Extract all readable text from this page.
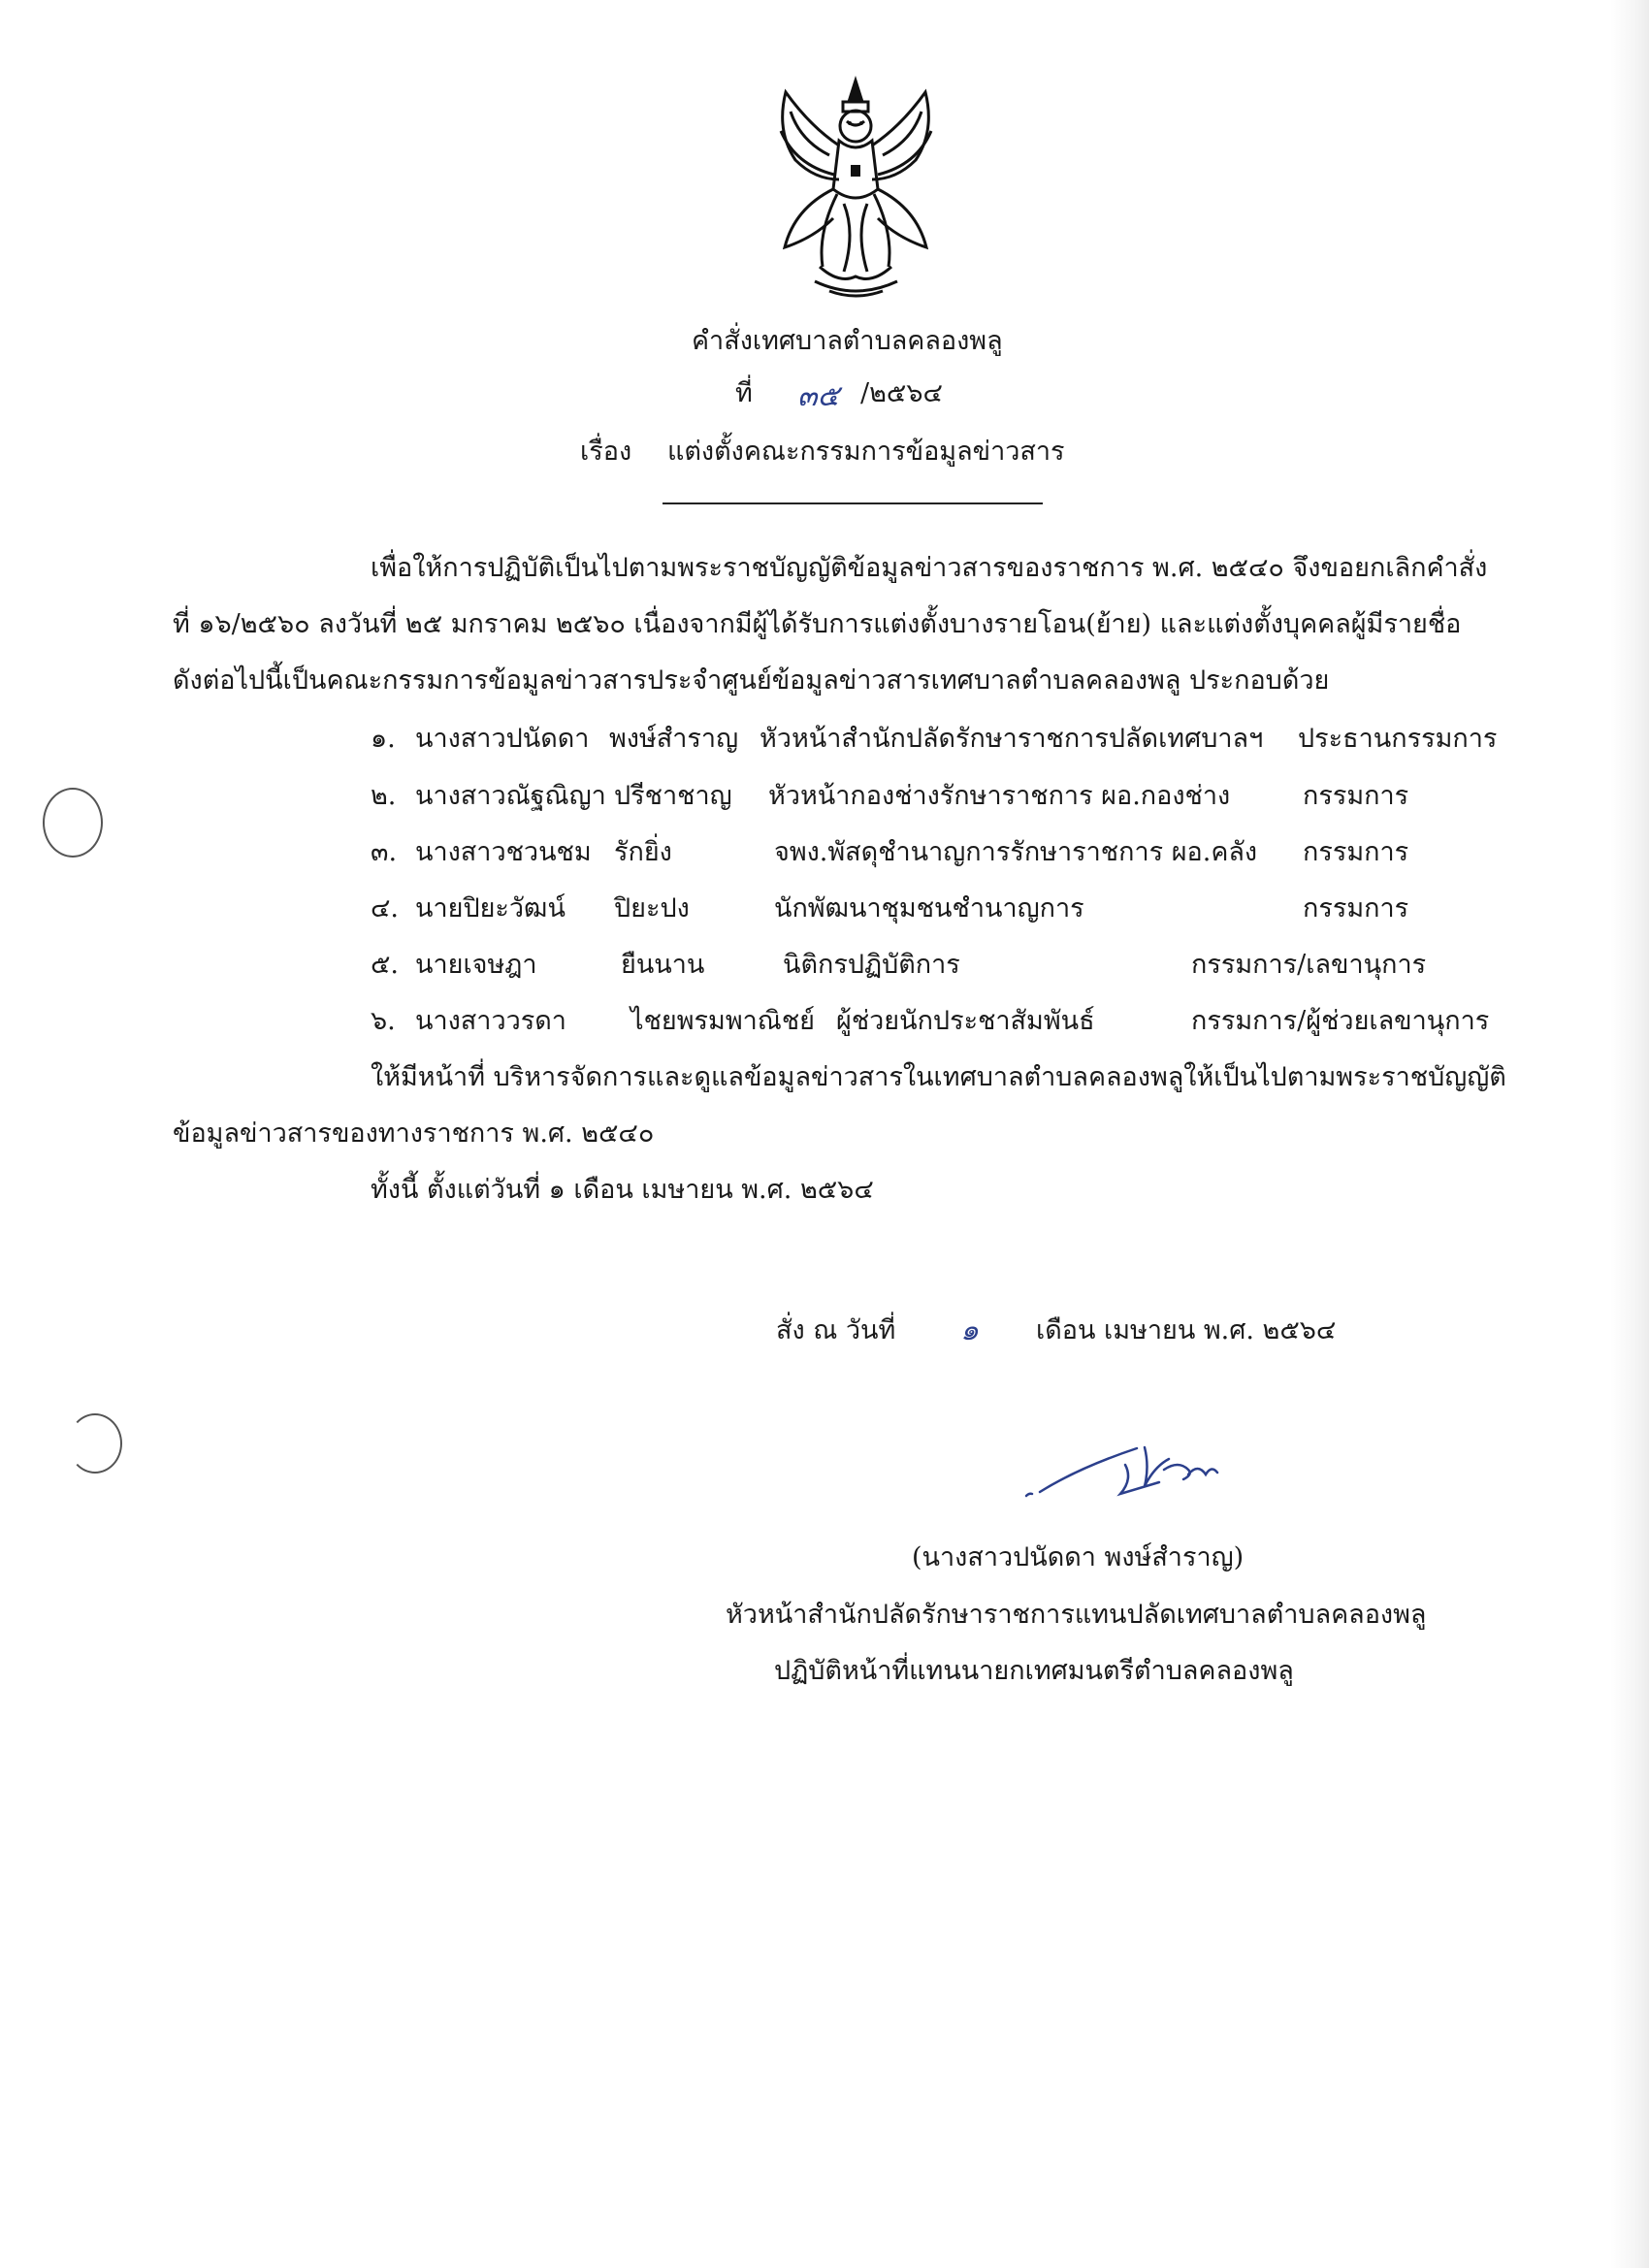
คำสั่งเทศบาลตำบลคลองพลู
ที่ ๓๕ /๒๕๖๔
เรื่อง แต่งตั้งคณะกรรมการข้อมูลข่าวสาร
เพื่อให้การปฏิบัติเป็นไปตามพระราชบัญญัติข้อมูลข่าวสารของราชการ พ.ศ. ๒๕๔๐ จึงขอยกเลิกคำสั่ง
ที่ ๑๖/๒๕๖๐ ลงวันที่ ๒๕ มกราคม ๒๕๖๐ เนื่องจากมีผู้ได้รับการแต่งตั้งบางรายโอน(ย้าย) และแต่งตั้งบุคคลผู้มีรายชื่อ
ดังต่อไปนี้เป็นคณะกรรมการข้อมูลข่าวสารประจำศูนย์ข้อมูลข่าวสารเทศบาลตำบลคลองพลู ประกอบด้วย
๑. นางสาวปนัดดา พงษ์สำราญ หัวหน้าสำนักปลัดรักษาราชการปลัดเทศบาลฯ ประธานกรรมการ
๒. นางสาวณัฐณิญา ปรีชาชาญ หัวหน้ากองช่างรักษาราชการ ผอ.กองช่าง	กรรมการ
๓. นางสาวชวนชม รักยิ่ง	จพง.พัสดุชำนาญการรักษาราชการ ผอ.คลัง กรรมการ
๔. นายปิยะวัฒน์ ปิยะปง	นักพัฒนาชุมชนชำนาญการ	กรรมการ
๕. นายเจษฎา	ยืนนาน	นิติกรปฏิบัติการ	กรรมการ/เลขานุการ
๖. นางสาววรดา ไชยพรมพาณิชย์ ผู้ช่วยนักประชาสัมพันธ์	กรรมการ/ผู้ช่วยเลขานุการ
ให้มีหน้าที่ บริหารจัดการและดูแลข้อมูลข่าวสารในเทศบาลตำบลคลองพลูให้เป็นไปตามพระราชบัญญัติ
ข้อมูลข่าวสารของทางราชการ พ.ศ. ๒๕๔๐
ทั้งนี้ ตั้งแต่วันที่ ๑ เดือน เมษายน พ.ศ. ๒๕๖๔
สั่ง ณ วันที่ ๑ เดือน เมษายน พ.ศ. ๒๕๖๔
(นางสาวปนัดดา พงษ์สำราญ)
หัวหน้าสำนักปลัดรักษาราชการแทนปลัดเทศบาลตำบลคลองพลู
ปฏิบัติหน้าที่แทนนายกเทศมนตรีตำบลคลองพลู
